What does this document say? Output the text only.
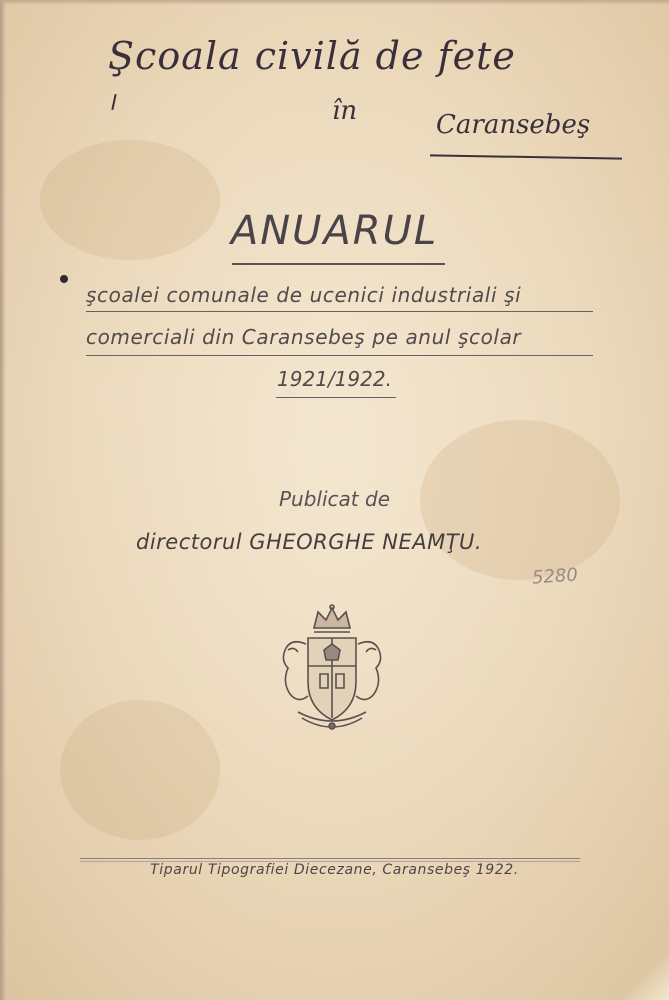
Şcoala civilă de fete
în	Caransebeş
ANUARUL
şcoalei comunale de ucenici industriali şi
comerciali din Caransebeş pe anul şcolar
1921/1922.
Publicat de
directorul GHEORGHE NEAMŢU.
5280
Tiparul Tipografiei Diecezane, Caransebeş 1922.
